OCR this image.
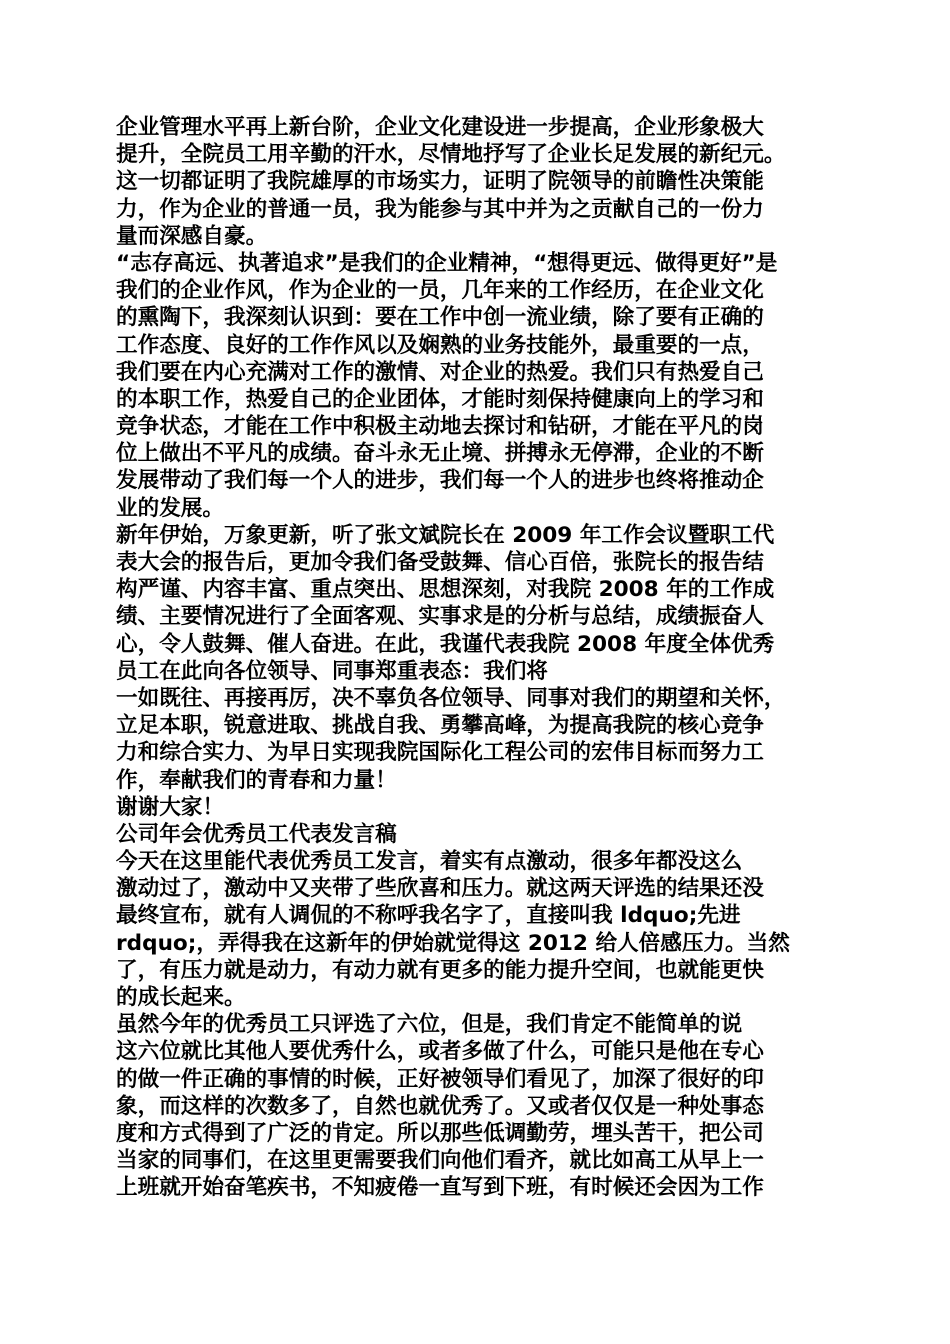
企业管理水平再上新台阶，企业文化建设进一步提高，企业形象极大
提升，全院员工用辛勤的汗水，尽情地抒写了企业长足发展的新纪元。
这一切都证明了我院雄厚的市场实力，证明了院领导的前瞻性决策能
力，作为企业的普通一员，我为能参与其中并为之贡献自己的一份力
量而深感自豪。
“志存高远、执著追求”是我们的企业精神，“想得更远、做得更好”是
我们的企业作风，作为企业的一员，几年来的工作经历，在企业文化
的熏陶下，我深刻认识到：要在工作中创一流业绩，除了要有正确的
工作态度、良好的工作作风以及娴熟的业务技能外，最重要的一点，
我们要在内心充满对工作的激情、对企业的热爱。我们只有热爱自己
的本职工作，热爱自己的企业团体，才能时刻保持健康向上的学习和
竞争状态，才能在工作中积极主动地去探讨和钻研，才能在平凡的岗
位上做出不平凡的成绩。奋斗永无止境、拼搏永无停滞，企业的不断
发展带动了我们每一个人的进步，我们每一个人的进步也终将推动企
业的发展。
新年伊始，万象更新，听了张文斌院长在 2009 年工作会议暨职工代
表大会的报告后，更加令我们备受鼓舞、信心百倍，张院长的报告结
构严谨、内容丰富、重点突出、思想深刻，对我院 2008 年的工作成
绩、主要情况进行了全面客观、实事求是的分析与总结，成绩振奋人
心，令人鼓舞、催人奋进。在此，我谨代表我院 2008 年度全体优秀
员工在此向各位领导、同事郑重表态：我们将
一如既往、再接再厉，决不辜负各位领导、同事对我们的期望和关怀，
立足本职，锐意进取、挑战自我、勇攀高峰，为提高我院的核心竞争
力和综合实力、为早日实现我院国际化工程公司的宏伟目标而努力工
作，奉献我们的青春和力量！
谢谢大家！
公司年会优秀员工代表发言稿
今天在这里能代表优秀员工发言，着实有点激动，很多年都没这么
激动过了，激动中又夹带了些欣喜和压力。就这两天评选的结果还没
最终宣布，就有人调侃的不称呼我名字了，直接叫我 ldquo;先进
rdquo;，弄得我在这新年的伊始就觉得这 2012 给人倍感压力。当然
了，有压力就是动力，有动力就有更多的能力提升空间，也就能更快
的成长起来。
虽然今年的优秀员工只评选了六位，但是，我们肯定不能简单的说
这六位就比其他人要优秀什么，或者多做了什么，可能只是他在专心
的做一件正确的事情的时候，正好被领导们看见了，加深了很好的印
象，而这样的次数多了，自然也就优秀了。又或者仅仅是一种处事态
度和方式得到了广泛的肯定。所以那些低调勤劳，埋头苦干，把公司
当家的同事们，在这里更需要我们向他们看齐，就比如高工从早上一
上班就开始奋笔疾书，不知疲倦一直写到下班，有时候还会因为工作
